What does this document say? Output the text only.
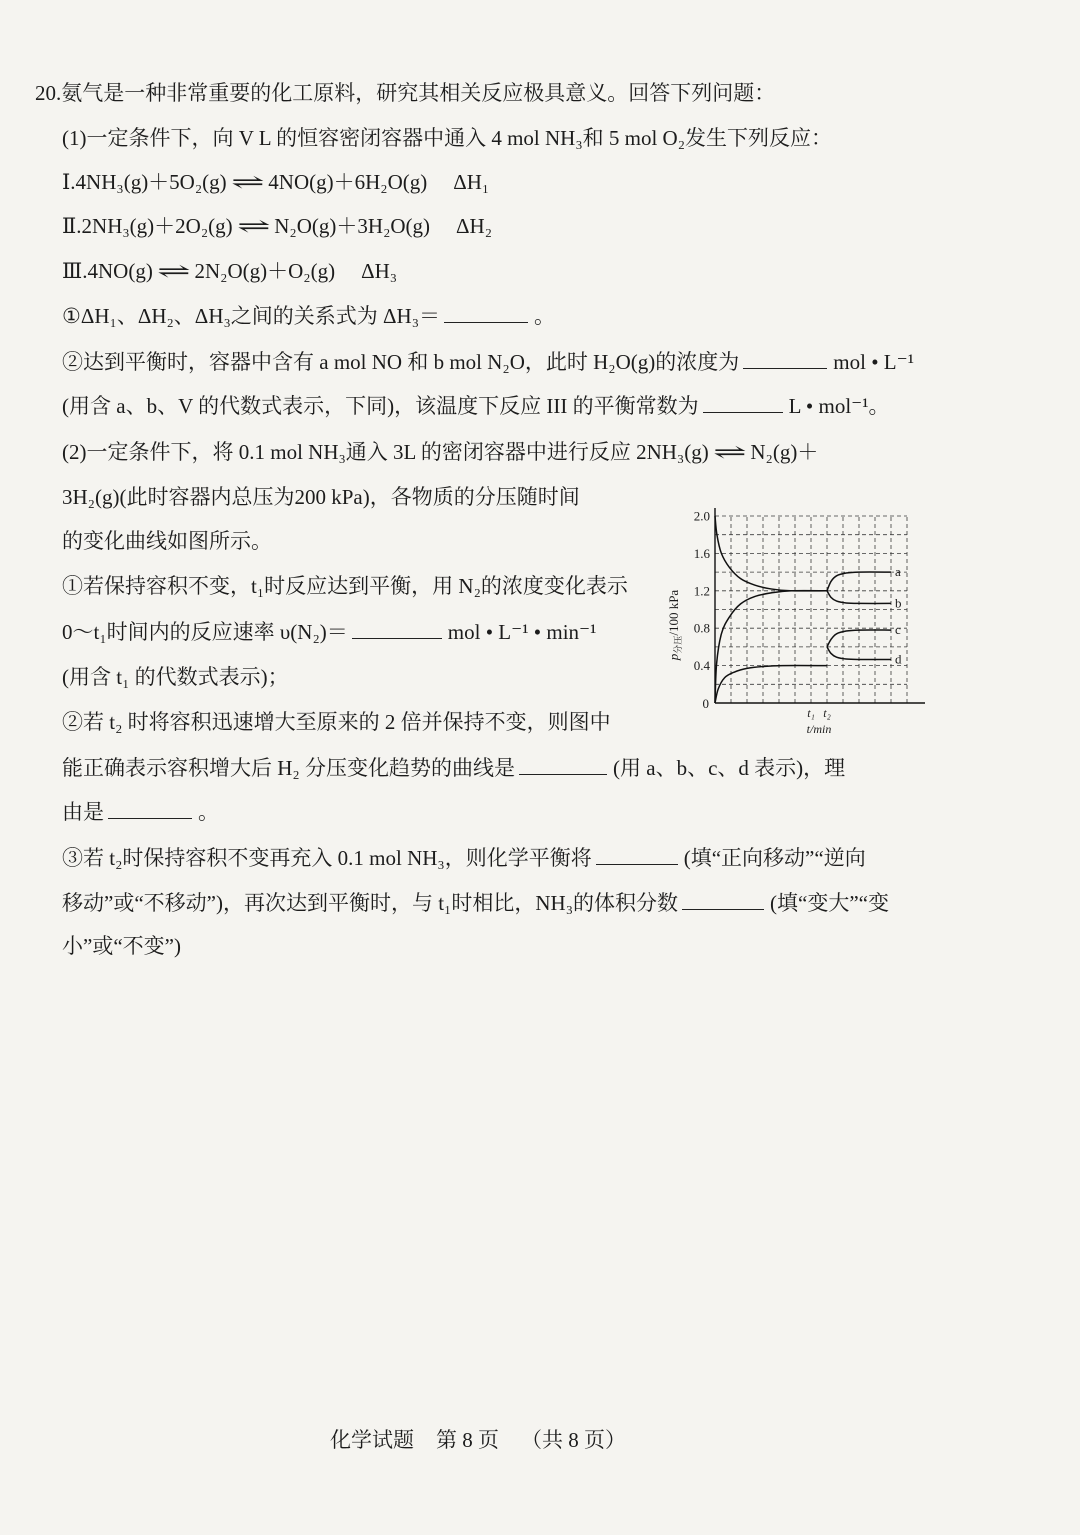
20.氨气是一种非常重要的化工原料，研究其相关反应极具意义。回答下列问题：
(1)一定条件下，向 V L 的恒容密闭容器中通入 4 mol NH₃和 5 mol O₂发生下列反应：
Ⅰ.4NH₃(g)＋5O₂(g) ⇌ 4NO(g)＋6H₂O(g) ΔH₁
Ⅱ.2NH₃(g)＋2O₂(g) ⇌ N₂O(g)＋3H₂O(g) ΔH₂
Ⅲ.4NO(g) ⇌ 2N₂O(g)＋O₂(g) ΔH₃
①ΔH₁、ΔH₂、ΔH₃之间的关系式为 ΔH₃＝	。
②达到平衡时，容器中含有 a mol NO 和 b mol N₂O，此时 H₂O(g)的浓度为	mol • L⁻¹
(用含 a、b、V 的代数式表示，下同)，该温度下反应 III 的平衡常数为	L • mol⁻¹。
(2)一定条件下，将 0.1 mol NH₃通入 3L 的密闭容器中进行反应 2NH₃(g) ⇌ N₂(g)＋
3H₂(g)(此时容器内总压为200 kPa)，各物质的分压随时间
的变化曲线如图所示。
①若保持容积不变，t₁时反应达到平衡，用 N₂的浓度变化表示
0～t₁时间内的反应速率 υ(N₂)＝	mol • L⁻¹ • min⁻¹
(用含 t₁ 的代数式表示)；
②若 t₂ 时将容积迅速增大至原来的 2 倍并保持不变，则图中
能正确表示容积增大后 H₂ 分压变化趋势的曲线是	(用 a、b、c、d 表示)，理
由是	。
③若 t₂时保持容积不变再充入 0.1 mol NH₃，则化学平衡将	(填“正向移动”“逆向
移动”或“不移动”)，再次达到平衡时，与 t₁时相比，NH₃的体积分数	(填“变大”“变
小”或“不变”)
a
b
c
d
0.4
0.8
1.2
1.6
2.0
0
t₁ t₂
$p_{分压}/100$ kPa
t/min
化学试题 第 8 页 （共 8 页）
